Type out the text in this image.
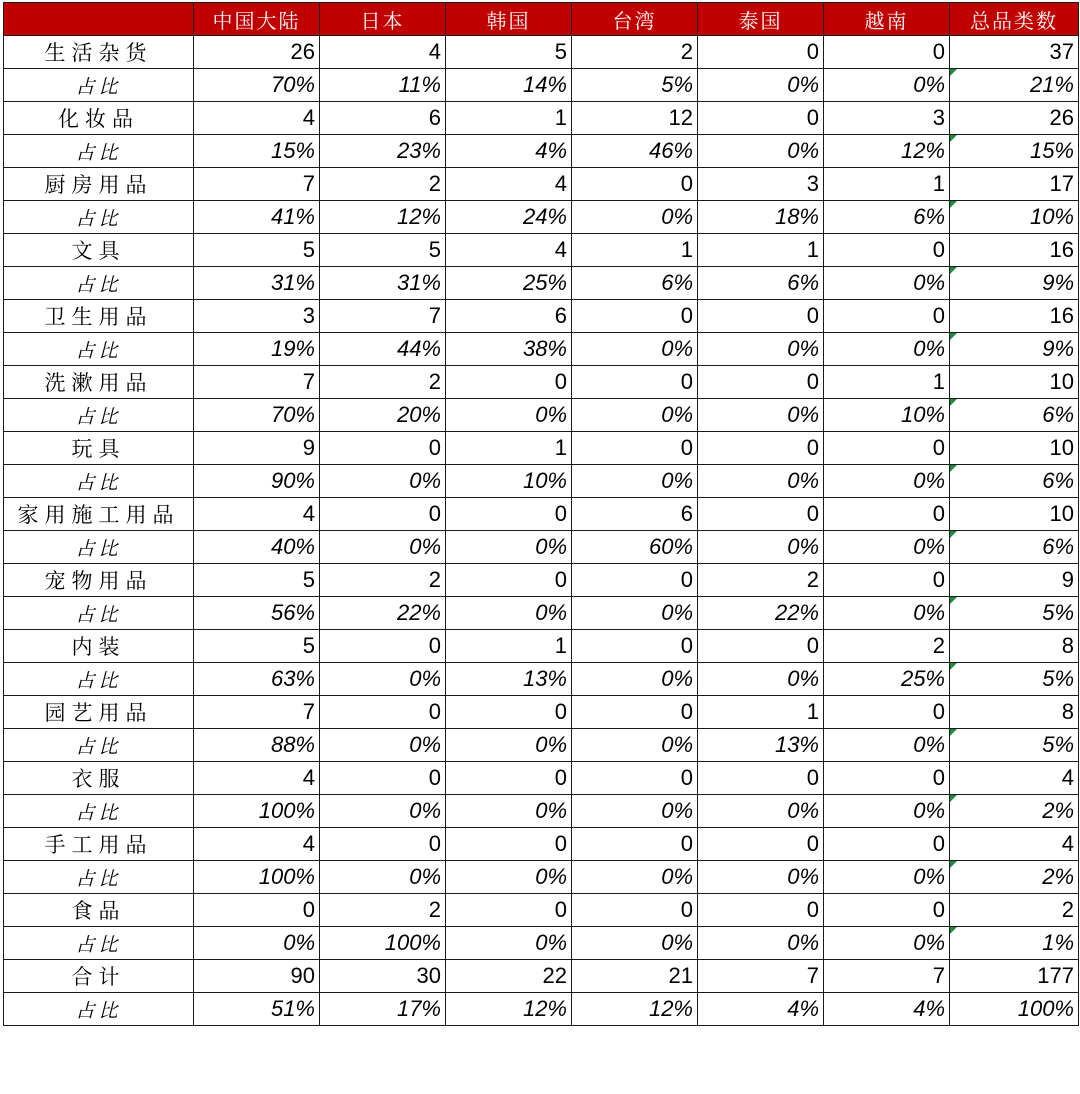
	中国大陆	日本	韩国	台湾	泰国	越南	总品类数
生活杂货	26	4	5	2	0	0	37
占比	70%	11%	14%	5%	0%	0%	21%
化妆品	4	6	1	12	0	3	26
占比	15%	23%	4%	46%	0%	12%	15%
厨房用品	7	2	4	0	3	1	17
占比	41%	12%	24%	0%	18%	6%	10%
文具	5	5	4	1	1	0	16
占比	31%	31%	25%	6%	6%	0%	9%
卫生用品	3	7	6	0	0	0	16
占比	19%	44%	38%	0%	0%	0%	9%
洗漱用品	7	2	0	0	0	1	10
占比	70%	20%	0%	0%	0%	10%	6%
玩具	9	0	1	0	0	0	10
占比	90%	0%	10%	0%	0%	0%	6%
家用施工用品	4	0	0	6	0	0	10
占比	40%	0%	0%	60%	0%	0%	6%
宠物用品	5	2	0	0	2	0	9
占比	56%	22%	0%	0%	22%	0%	5%
内装	5	0	1	0	0	2	8
占比	63%	0%	13%	0%	0%	25%	5%
园艺用品	7	0	0	0	1	0	8
占比	88%	0%	0%	0%	13%	0%	5%
衣服	4	0	0	0	0	0	4
占比	100%	0%	0%	0%	0%	0%	2%
手工用品	4	0	0	0	0	0	4
占比	100%	0%	0%	0%	0%	0%	2%
食品	0	2	0	0	0	0	2
占比	0%	100%	0%	0%	0%	0%	1%
合计	90	30	22	21	7	7	177
占比	51%	17%	12%	12%	4%	4%	100%
